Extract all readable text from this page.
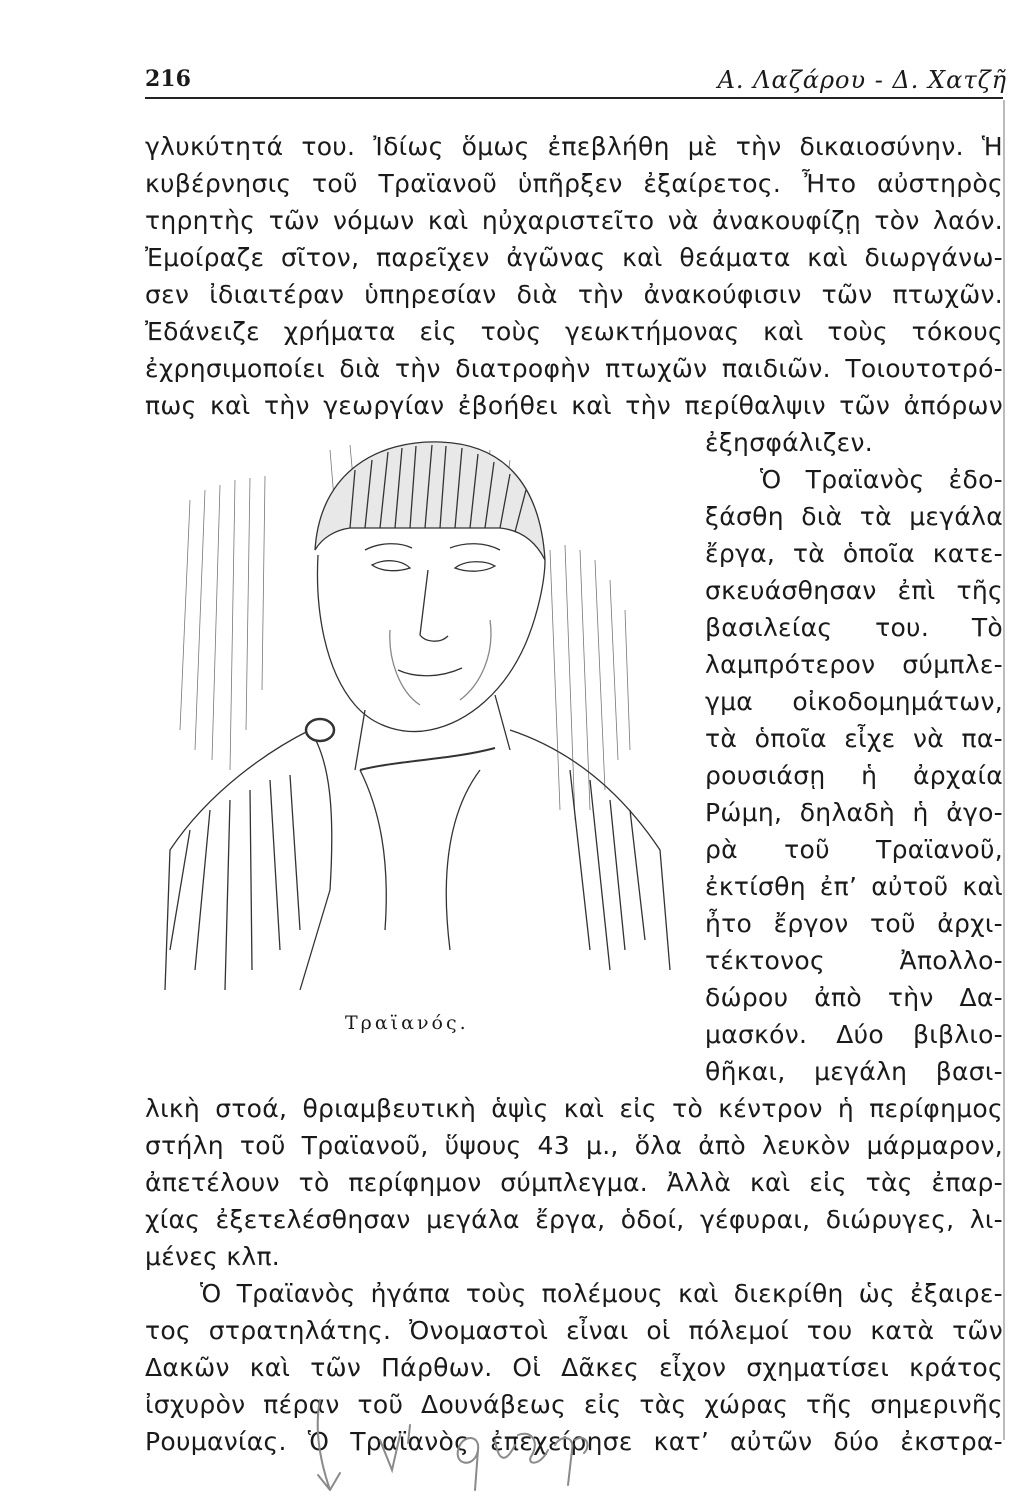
216	Α. Λαζάρου - Δ. Χατζῆ
γλυκύτητά του. Ἰδίως ὅμως ἐπεβλήθη μὲ τὴν δικαιοσύνην. Ἡ
κυβέρνησις τοῦ Τραϊανοῦ ὑπῆρξεν ἐξαίρετος. Ἦτο αὐστηρὸς
τηρητὴς τῶν νόμων καὶ ηὐχαριστεῖτο νὰ ἀνακουφίζῃ τὸν λαόν.
Ἐμοίραζε σῖτον, παρεῖχεν ἀγῶνας καὶ θεάματα καὶ διωργάνω-
σεν ἰδιαιτέραν ὑπηρεσίαν διὰ τὴν ἀνακούφισιν τῶν πτωχῶν.
Ἐδάνειζε χρήματα εἰς τοὺς γεωκτήμονας καὶ τοὺς τόκους
ἐχρησιμοποίει διὰ τὴν διατροφὴν πτωχῶν παιδιῶν. Τοιουτοτρό-
πως καὶ τὴν γεωργίαν ἐβοήθει καὶ τὴν περίθαλψιν τῶν ἀπόρων
Τραϊανός.
ἐξησφάλιζεν.
Ὁ Τραϊανὸς ἐδο-
ξάσθη διὰ τὰ μεγάλα
ἔργα, τὰ ὁποῖα κατε-
σκευάσθησαν ἐπὶ τῆς
βασιλείας του. Τὸ
λαμπρότερον σύμπλε-
γμα οἰκοδομημάτων,
τὰ ὁποῖα εἶχε νὰ πα-
ρουσιάσῃ ἡ ἀρχαία
Ρώμη, δηλαδὴ ἡ ἀγο-
ρὰ τοῦ Τραϊανοῦ,
ἐκτίσθη ἐπ’ αὐτοῦ καὶ
ἦτο ἔργον τοῦ ἀρχι-
τέκτονος Ἀπολλο-
δώρου ἀπὸ τὴν Δα-
μασκόν. Δύο βιβλιο-
θῆκαι, μεγάλη βασι-
λικὴ στοά, θριαμβευτικὴ ἁψὶς καὶ εἰς τὸ κέντρον ἡ περίφημος
στήλη τοῦ Τραϊανοῦ, ὕψους 43 μ., ὅλα ἀπὸ λευκὸν μάρμαρον,
ἀπετέλουν τὸ περίφημον σύμπλεγμα. Ἀλλὰ καὶ εἰς τὰς ἐπαρ-
χίας ἐξετελέσθησαν μεγάλα ἔργα, ὁδοί, γέφυραι, διώρυγες, λι-
μένες κλπ.
Ὁ Τραϊανὸς ἠγάπα τοὺς πολέμους καὶ διεκρίθη ὡς ἐξαιρε-
τος στρατηλάτης. Ὀνομαστοὶ εἶναι οἱ πόλεμοί του κατὰ τῶν
Δακῶν καὶ τῶν Πάρθων. Οἱ Δᾶκες εἶχον σχηματίσει κράτος
ἰσχυρὸν πέραν τοῦ Δουνάβεως εἰς τὰς χώρας τῆς σημερινῆς
Ρουμανίας. Ὁ Τραϊανὸς ἐπεχείρησε κατ’ αὐτῶν δύο ἐκστρα-
